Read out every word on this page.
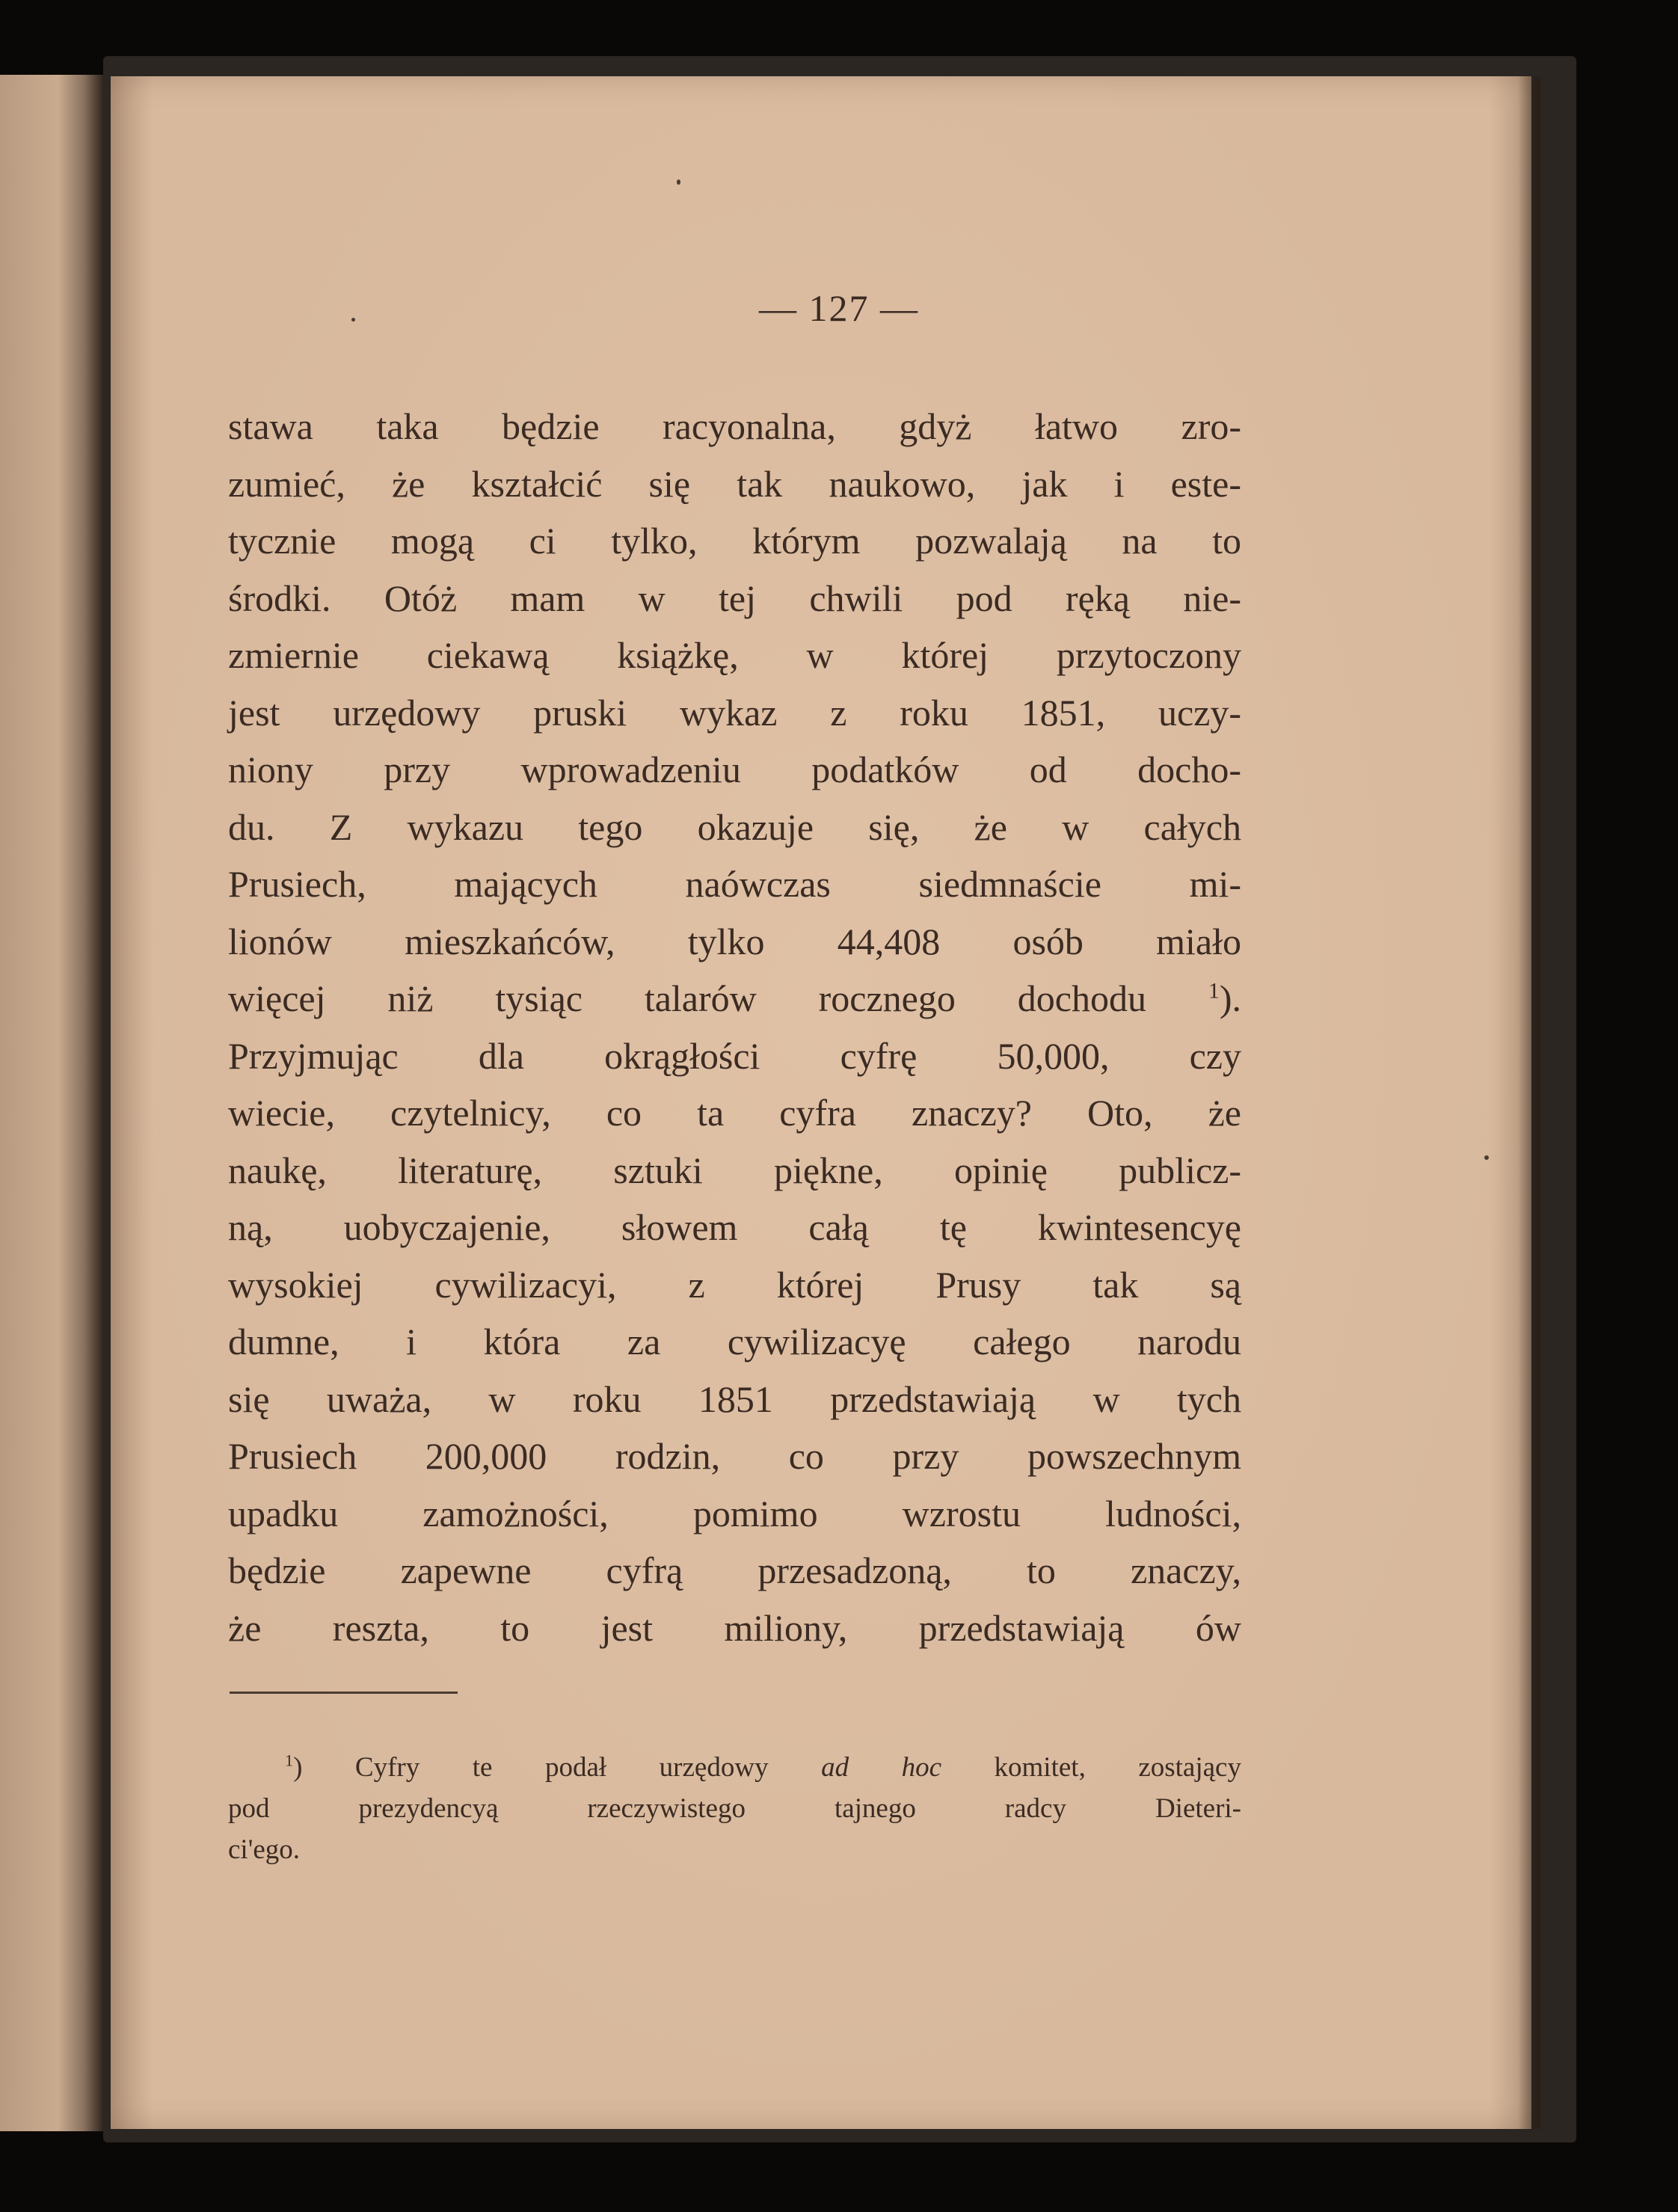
— 127 —
stawa taka będzie racyonalna, gdyż łatwo zro-
zumieć, że kształcić się tak naukowo, jak i este-
tycznie mogą ci tylko, którym pozwalają na to
środki. Otóż mam w tej chwili pod ręką nie-
zmiernie ciekawą książkę, w której przytoczony
jest urzędowy pruski wykaz z roku 1851, uczy-
niony przy wprowadzeniu podatków od docho-
du. Z wykazu tego okazuje się, że w całych
Prusiech, mających naówczas siedmnaście mi-
lionów mieszkańców, tylko 44,408 osób miało
więcej niż tysiąc talarów rocznego dochodu	$^1$).
Przyjmując dla okrągłości cyfrę 50,000, czy
wiecie, czytelnicy, co ta cyfra znaczy? Oto, że
naukę, literaturę, sztuki piękne, opinię publicz-
ną, uobyczajenie, słowem całą tę kwintesencyę
wysokiej cywilizacyi, z której Prusy tak są
dumne, i która za cywilizacyę całego narodu
się uważa, w roku 1851 przedstawiają w tych
Prusiech 200,000 rodzin, co przy powszechnym
upadku zamożności, pomimo wzrostu ludności,
będzie zapewne cyfrą przesadzoną, to znaczy,
że reszta, to jest miliony, przedstawiają ów
$^1$) Cyfry te podał urzędowy ad hoc komitet, zostający
pod prezydencyą rzeczywistego tajnego radcy Dieteri-
ci'ego.
